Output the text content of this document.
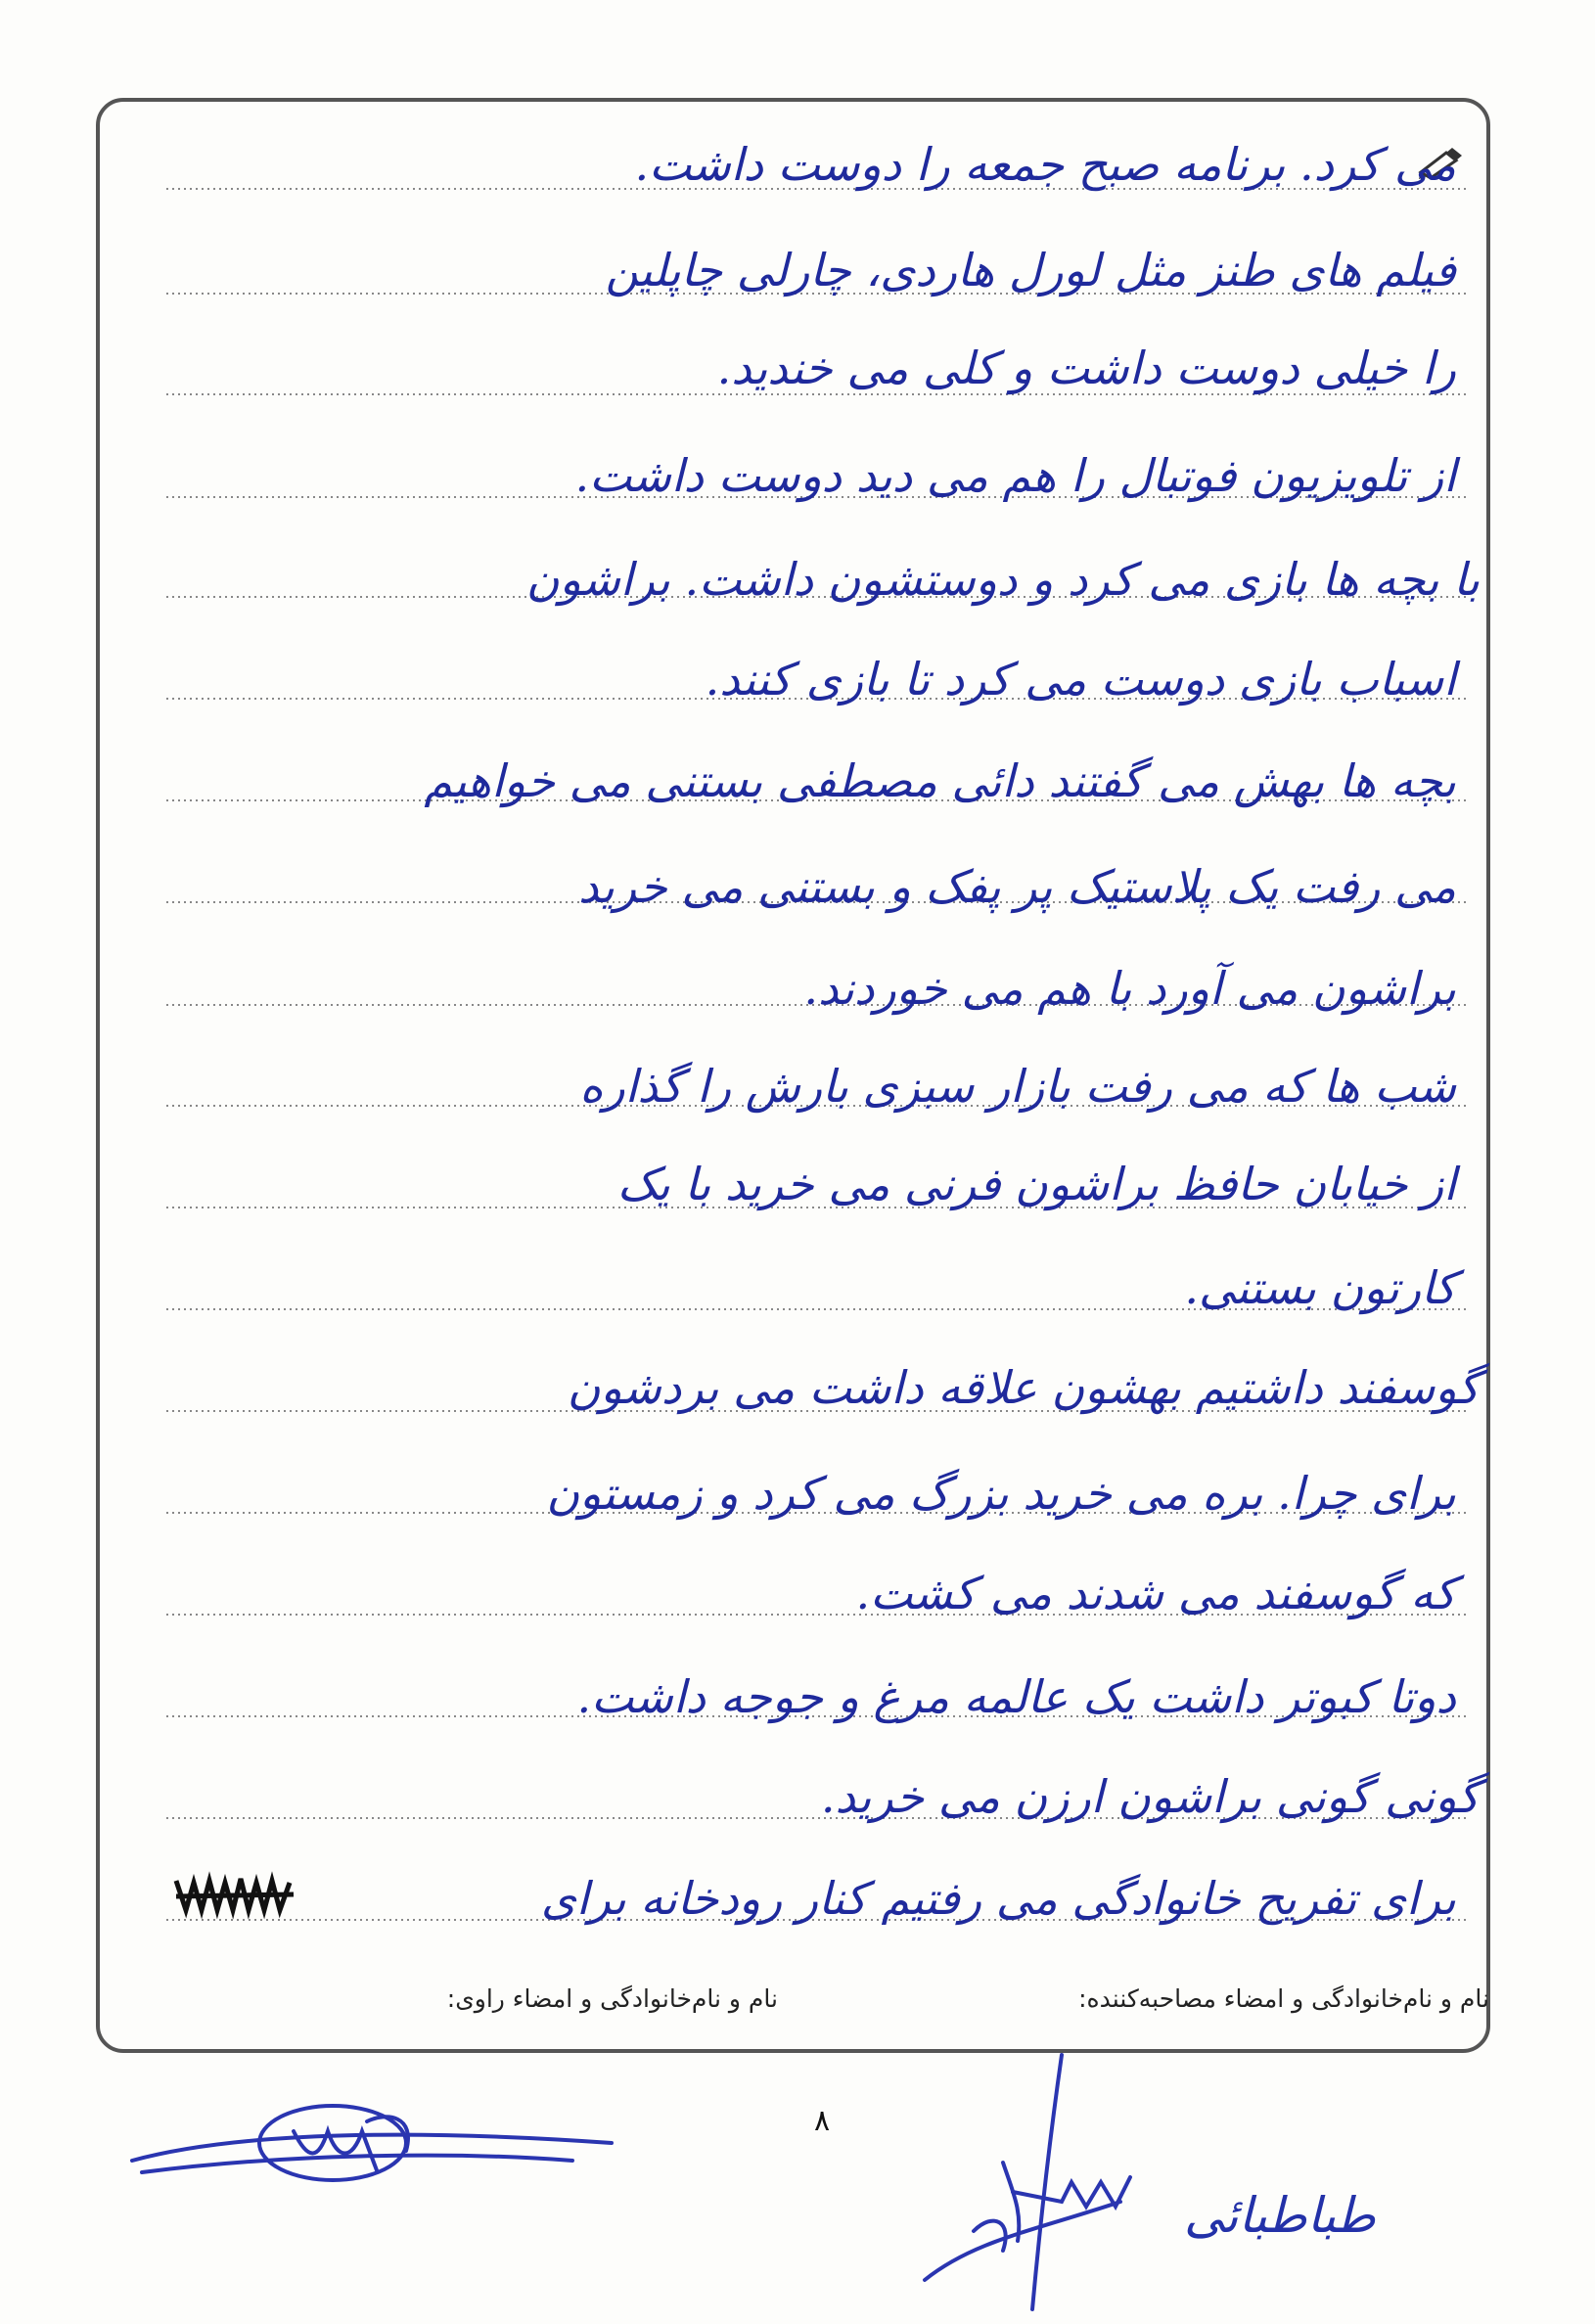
می کرد. برنامه صبح جمعه را دوست داشت.
فیلم های طنز مثل لورل هاردی، چارلی چاپلین
را خیلی دوست داشت و کلی می خندید.
از تلویزیون فوتبال را هم می دید دوست داشت.
با بچه ها بازی می کرد و دوستشون داشت. براشون
اسباب بازی دوست می کرد تا بازی کنند.
بچه ها بهش می گفتند دائی مصطفی بستنی می خواهیم
می رفت یک پلاستیک پر پفک و بستنی می خرید
براشون می آورد با هم می خوردند.
شب ها که می رفت بازار سبزی بارش را گذاره
از خیابان حافظ براشون فرنی می خرید با یک
کارتون بستنی.
گوسفند داشتیم بهشون علاقه داشت می بردشون
برای چرا. بره می خرید بزرگ می کرد و زمستون
که گوسفند می شدند می کشت.
دوتا کبوتر داشت یک عالمه مرغ و جوجه داشت.
گونی گونی براشون ارزن می خرید.
برای تفریح خانوادگی می رفتیم کنار رودخانه برای
نام و نام‌خانوادگی و امضاء مصاحبه‌کننده:
نام و نام‌خانوادگی و امضاء راوی:
۸
طباطبائی
